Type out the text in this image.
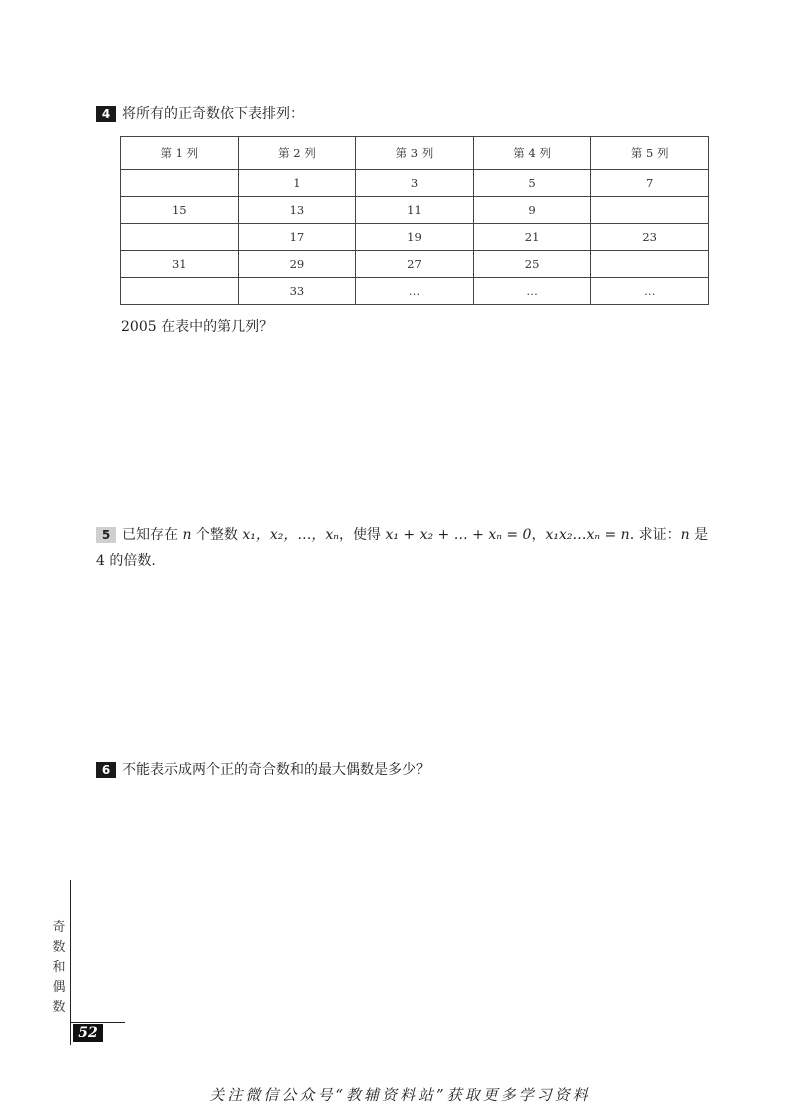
4 将所有的正奇数依下表排列：
第 1 列	第 2 列	第 3 列	第 4 列	第 5 列
	1	3	5	7
15	13	11	9	
	17	19	21	23
31	29	27	25	
	33	…	…	…
2005 在表中的第几列？
5 已知存在 n 个整数 x₁，x₂，…，xₙ，使得 x₁ + x₂ + … + xₙ = 0，x₁x₂…xₙ = n. 求证：n 是
4 的倍数.
6 不能表示成两个正的奇合数和的最大偶数是多少？
奇
数
和
偶
数
52
关注微信公众号“教辅资料站”获取更多学习资料
